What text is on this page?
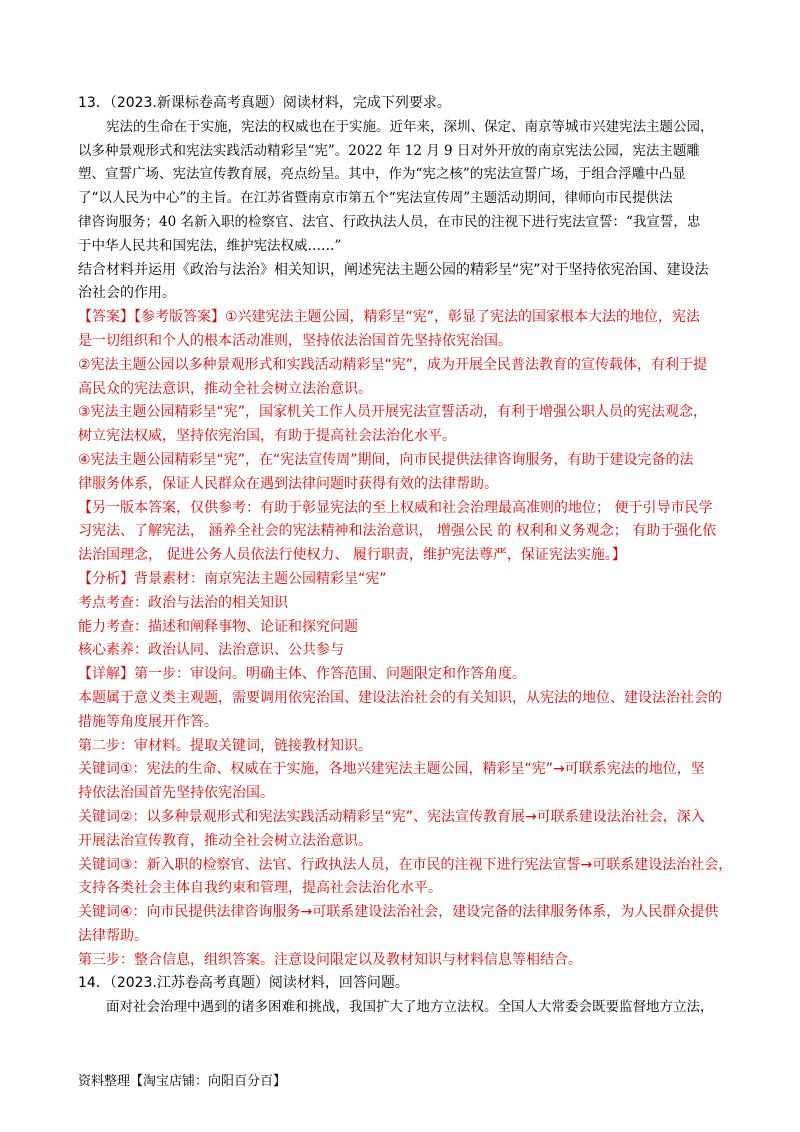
13．（2023.新课标卷高考真题）阅读材料，完成下列要求。
宪法的生命在于实施，宪法的权威也在于实施。近年来，深圳、保定、南京等城市兴建宪法主题公园，
以多种景观形式和宪法实践活动精彩呈“宪”。2022 年 12 月 9 日对外开放的南京宪法公园，宪法主题雕
塑、宣誓广场、宪法宣传教育展，亮点纷呈。其中，作为“宪之核”的宪法宣誓广场，于组合浮雕中凸显
了“以人民为中心”的主旨。在江苏省暨南京市第五个“宪法宣传周”主题活动期间，律师向市民提供法
律咨询服务；40 名新入职的检察官、法官、行政执法人员，在市民的注视下进行宪法宣誓：“我宣誓，忠
于中华人民共和国宪法，维护宪法权威……”
结合材料并运用《政治与法治》相关知识，阐述宪法主题公园的精彩呈“宪”对于坚持依宪治国、建设法
治社会的作用。
【答案】【参考版答案】①兴建宪法主题公园，精彩呈“宪”，彰显了宪法的国家根本大法的地位，宪法
是一切组织和个人的根本活动准则，坚持依法治国首先坚持依宪治国。
②宪法主题公园以多种景观形式和实践活动精彩呈“宪”，成为开展全民普法教育的宣传载体，有利于提
高民众的宪法意识，推动全社会树立法治意识。
③宪法主题公园精彩呈“宪”，国家机关工作人员开展宪法宣誓活动，有利于增强公职人员的宪法观念，
树立宪法权威，坚持依宪治国，有助于提高社会法治化水平。
④宪法主题公园精彩呈“宪”，在“宪法宣传周”期间，向市民提供法律咨询服务，有助于建设完备的法
律服务体系，保证人民群众在遇到法律问题时获得有效的法律帮助。
【另一版本答案，仅供参考：有助于彰显宪法的至上权威和社会治理最高准则的地位； 便于引导市民学
习宪法、了解宪法， 涵养全社会的宪法精神和法治意识， 增强公民 的 权利和义务观念； 有助于强化依
法治国理念， 促进公务人员依法行使权力、 履行职责，维护宪法尊严，保证宪法实施。】
【分析】背景素材：南京宪法主题公园精彩呈“宪”
考点考查：政治与法治的相关知识
能力考查：描述和阐释事物、论证和探究问题
核心素养：政治认同、法治意识、公共参与
【详解】第一步：审设问。明确主体、作答范围、问题限定和作答角度。
本题属于意义类主观题，需要调用依宪治国、建设法治社会的有关知识，从宪法的地位、建设法治社会的
措施等角度展开作答。
第二步：审材料。提取关键词，链接教材知识。
关键词①：宪法的生命、权威在于实施，各地兴建宪法主题公园，精彩呈“宪”→可联系宪法的地位，坚
持依法治国首先坚持依宪治国。
关键词②：以多种景观形式和宪法实践活动精彩呈“宪”、宪法宣传教育展→可联系建设法治社会，深入
开展法治宣传教育，推动全社会树立法治意识。
关键词③：新入职的检察官、法官、行政执法人员，在市民的注视下进行宪法宣誓→可联系建设法治社会，
支持各类社会主体自我约束和管理，提高社会法治化水平。
关键词④：向市民提供法律咨询服务→可联系建设法治社会，建设完备的法律服务体系，为人民群众提供
法律帮助。
第三步：整合信息，组织答案。注意设问限定以及教材知识与材料信息等相结合。
14．（2023.江苏卷高考真题）阅读材料，回答问题。
面对社会治理中遇到的诸多困难和挑战，我国扩大了地方立法权。全国人大常委会既要监督地方立法，
资料整理【淘宝店铺：向阳百分百】
